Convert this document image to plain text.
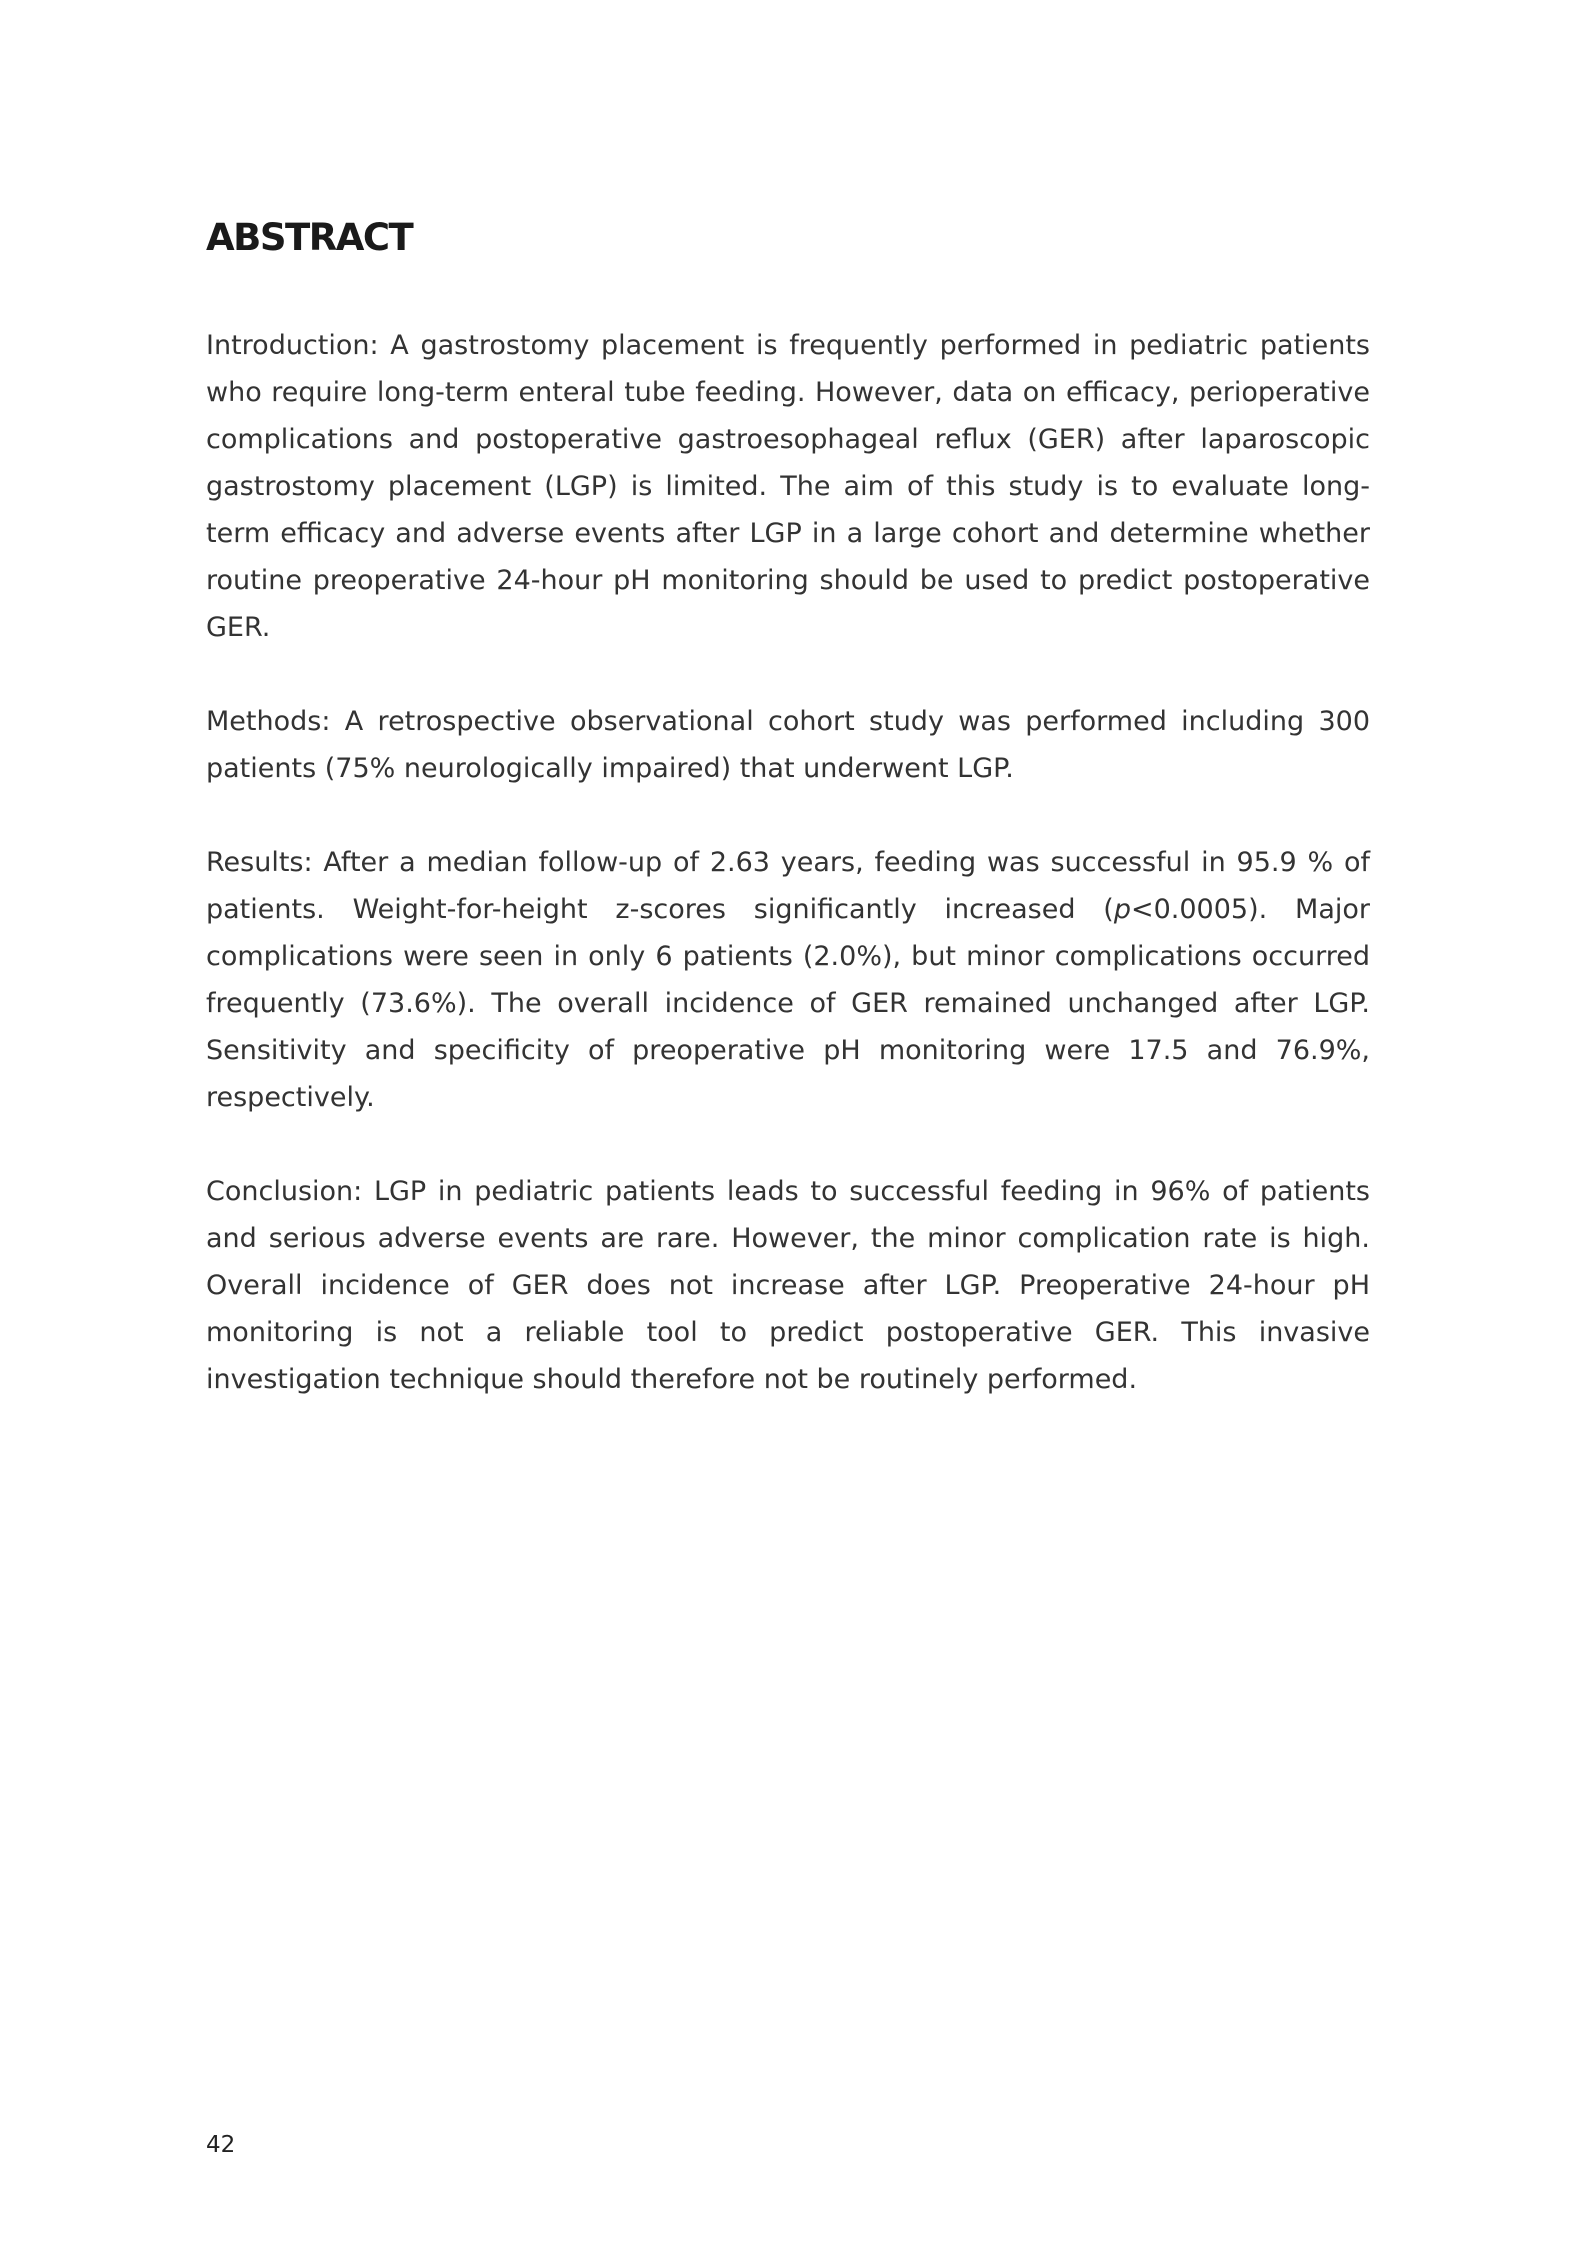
ABSTRACT

Introduction: A gastrostomy placement is frequently performed in pediatric patients who require long-term enteral tube feeding. However, data on efficacy, perioperative complications and postoperative gastroesophageal reflux (GER) after laparoscopic gastrostomy placement (LGP) is limited. The aim of this study is to evaluate long-term efficacy and adverse events after LGP in a large cohort and determine whether routine preoperative 24-hour pH monitoring should be used to predict postoperative GER.

Methods: A retrospective observational cohort study was performed including 300 patients (75% neurologically impaired) that underwent LGP.

Results: After a median follow-up of 2.63 years, feeding was successful in 95.9 % of patients. Weight-for-height z-scores significantly increased (p<0.0005). Major complications were seen in only 6 patients (2.0%), but minor complications occurred frequently (73.6%). The overall incidence of GER remained unchanged after LGP. Sensitivity and specificity of preoperative pH monitoring were 17.5 and 76.9%, respectively.

Conclusion: LGP in pediatric patients leads to successful feeding in 96% of patients and serious adverse events are rare. However, the minor complication rate is high. Overall incidence of GER does not increase after LGP. Preoperative 24-hour pH monitoring is not a reliable tool to predict postoperative GER. This invasive investigation technique should therefore not be routinely performed.

42
